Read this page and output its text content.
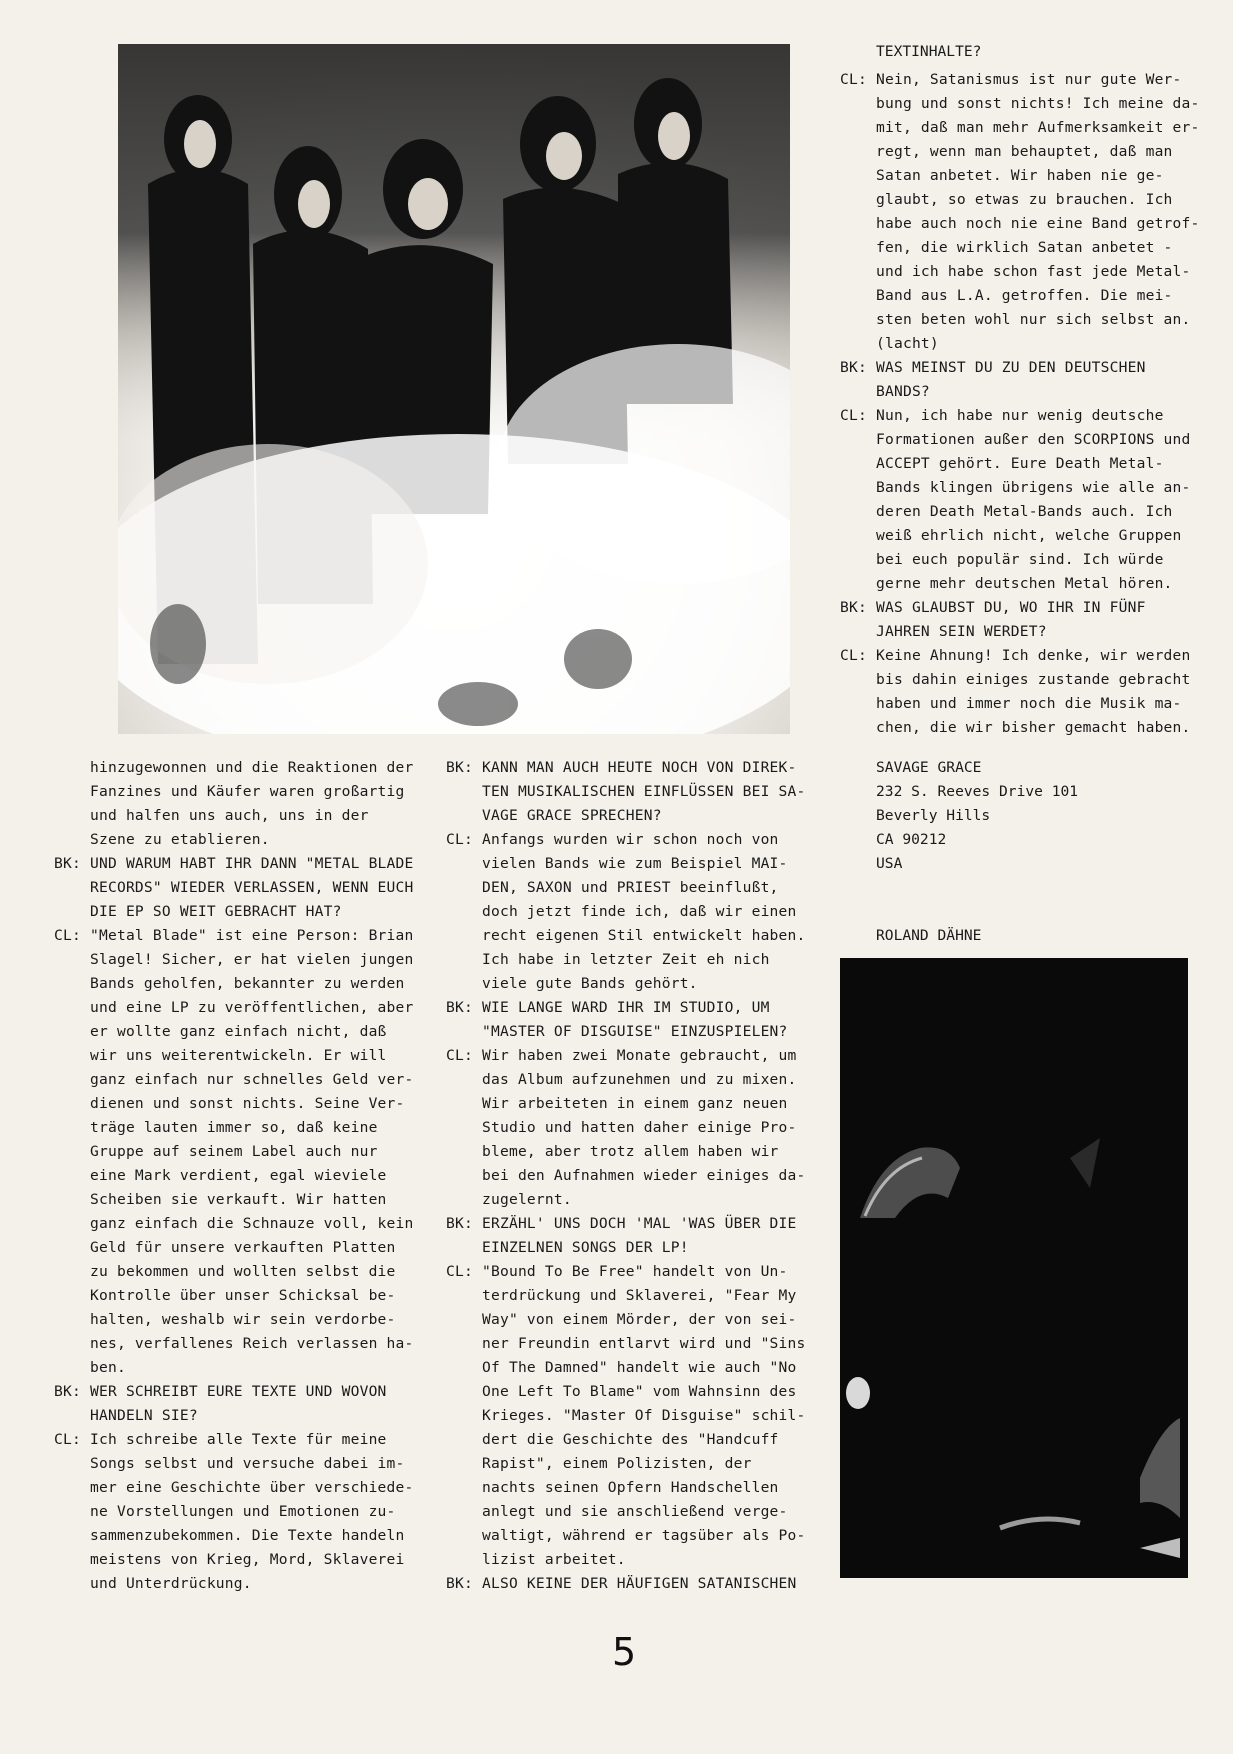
TEXTINHALTE?
CL: Nein, Satanismus ist nur gute Wer-
bung und sonst nichts! Ich meine da-
mit, daß man mehr Aufmerksamkeit er-
regt, wenn man behauptet, daß man
Satan anbetet. Wir haben nie ge-
glaubt, so etwas zu brauchen. Ich
habe auch noch nie eine Band getrof-
fen, die wirklich Satan anbetet -
und ich habe schon fast jede Metal-
Band aus L.A. getroffen. Die mei-
sten beten wohl nur sich selbst an.
(lacht)
BK: WAS MEINST DU ZU DEN DEUTSCHEN
BANDS?
CL: Nun, ich habe nur wenig deutsche
Formationen außer den SCORPIONS und
ACCEPT gehört. Eure Death Metal-
Bands klingen übrigens wie alle an-
deren Death Metal-Bands auch. Ich
weiß ehrlich nicht, welche Gruppen
bei euch populär sind. Ich würde
gerne mehr deutschen Metal hören.
BK: WAS GLAUBST DU, WO IHR IN FÜNF
JAHREN SEIN WERDET?
CL: Keine Ahnung! Ich denke, wir werden
bis dahin einiges zustande gebracht
haben und immer noch die Musik ma-
chen, die wir bisher gemacht haben.
SAVAGE GRACE
232 S. Reeves Drive 101
Beverly Hills
CA 90212
USA
ROLAND DÄHNE
hinzugewonnen und die Reaktionen der
Fanzines und Käufer waren großartig
und halfen uns auch, uns in der
Szene zu etablieren.
BK: UND WARUM HABT IHR DANN "METAL BLADE
RECORDS" WIEDER VERLASSEN, WENN EUCH
DIE EP SO WEIT GEBRACHT HAT?
CL: "Metal Blade" ist eine Person: Brian
Slagel! Sicher, er hat vielen jungen
Bands geholfen, bekannter zu werden
und eine LP zu veröffentlichen, aber
er wollte ganz einfach nicht, daß
wir uns weiterentwickeln. Er will
ganz einfach nur schnelles Geld ver-
dienen und sonst nichts. Seine Ver-
träge lauten immer so, daß keine
Gruppe auf seinem Label auch nur
eine Mark verdient, egal wieviele
Scheiben sie verkauft. Wir hatten
ganz einfach die Schnauze voll, kein
Geld für unsere verkauften Platten
zu bekommen und wollten selbst die
Kontrolle über unser Schicksal be-
halten, weshalb wir sein verdorbe-
nes, verfallenes Reich verlassen ha-
ben.
BK: WER SCHREIBT EURE TEXTE UND WOVON
HANDELN SIE?
CL: Ich schreibe alle Texte für meine
Songs selbst und versuche dabei im-
mer eine Geschichte über verschiede-
ne Vorstellungen und Emotionen zu-
sammenzubekommen. Die Texte handeln
meistens von Krieg, Mord, Sklaverei
und Unterdrückung.
BK: KANN MAN AUCH HEUTE NOCH VON DIREK-
TEN MUSIKALISCHEN EINFLÜSSEN BEI SA-
VAGE GRACE SPRECHEN?
CL: Anfangs wurden wir schon noch von
vielen Bands wie zum Beispiel MAI-
DEN, SAXON und PRIEST beeinflußt,
doch jetzt finde ich, daß wir einen
recht eigenen Stil entwickelt haben.
Ich habe in letzter Zeit eh nich
viele gute Bands gehört.
BK: WIE LANGE WARD IHR IM STUDIO, UM
"MASTER OF DISGUISE" EINZUSPIELEN?
CL: Wir haben zwei Monate gebraucht, um
das Album aufzunehmen und zu mixen.
Wir arbeiteten in einem ganz neuen
Studio und hatten daher einige Pro-
bleme, aber trotz allem haben wir
bei den Aufnahmen wieder einiges da-
zugelernt.
BK: ERZÄHL' UNS DOCH 'MAL 'WAS ÜBER DIE
EINZELNEN SONGS DER LP!
CL: "Bound To Be Free" handelt von Un-
terdrückung und Sklaverei, "Fear My
Way" von einem Mörder, der von sei-
ner Freundin entlarvt wird und "Sins
Of The Damned" handelt wie auch "No
One Left To Blame" vom Wahnsinn des
Krieges. "Master Of Disguise" schil-
dert die Geschichte des "Handcuff
Rapist", einem Polizisten, der
nachts seinen Opfern Handschellen
anlegt und sie anschließend verge-
waltigt, während er tagsüber als Po-
lizist arbeitet.
BK: ALSO KEINE DER HÄUFIGEN SATANISCHEN
5
